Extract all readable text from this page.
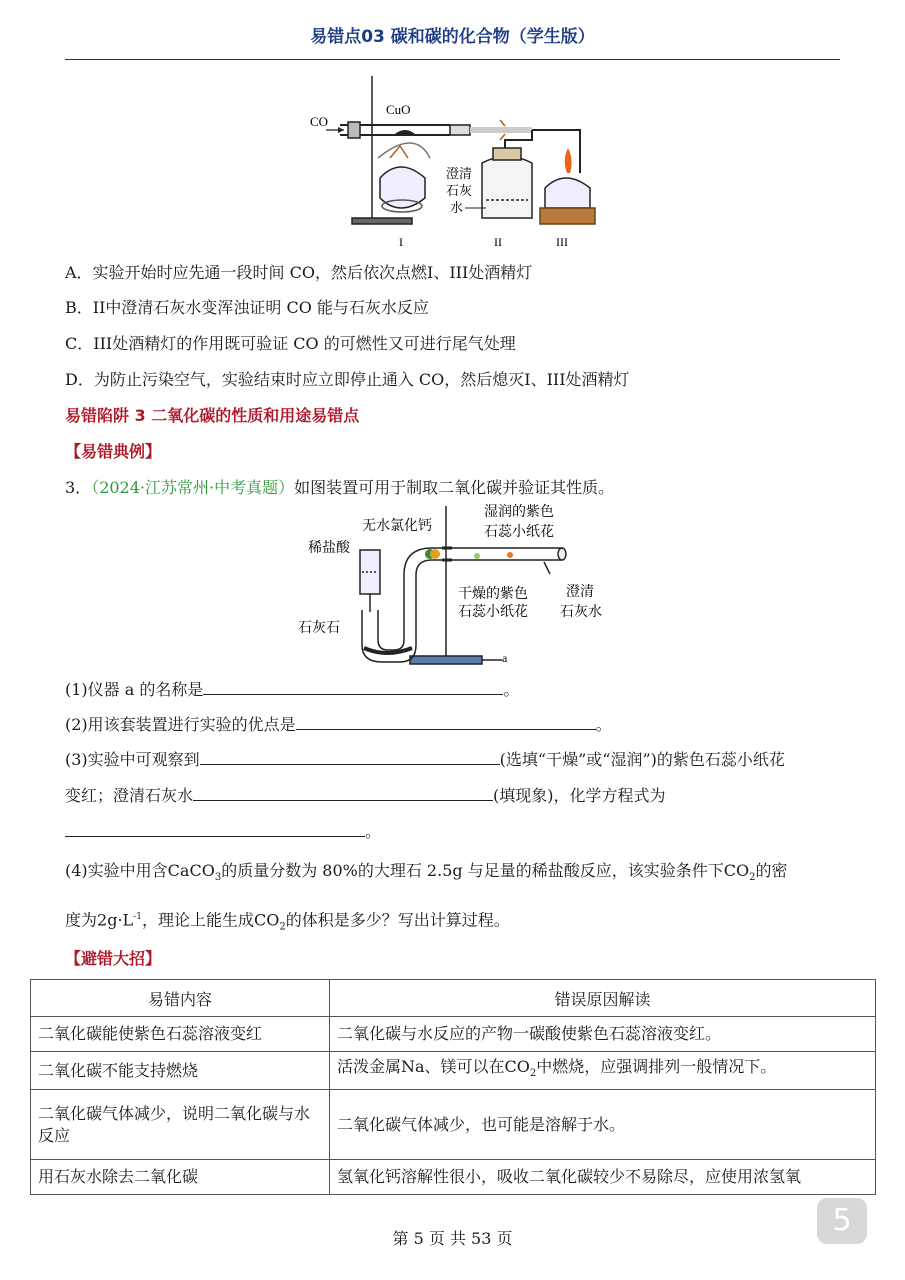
易错点03 碳和碳的化合物（学生版）
CO
CuO
澄清
石灰
水
I	II	III
A．实验开始时应先通一段时间 CO，然后依次点燃I、III处酒精灯
B．II中澄清石灰水变浑浊证明 CO 能与石灰水反应
C．III处酒精灯的作用既可验证 CO 的可燃性又可进行尾气处理
D．为防止污染空气，实验结束时应立即停止通入 CO，然后熄灭I、III处酒精灯
易错陷阱 3 二氧化碳的性质和用途易错点
【易错典例】
3．（2024·江苏常州·中考真题）如图装置可用于制取二氧化碳并验证其性质。
稀盐酸
无水氯化钙
湿润的紫色
石蕊小纸花
干燥的紫色
石蕊小纸花
澄清
石灰水
石灰石
a
(1)仪器 a 的名称是	。
(2)用该套装置进行实验的优点是	。
(3)实验中可观察到	(选填“干燥”或“湿润”)的紫色石蕊小纸花
变红；澄清石灰水	(填现象)，化学方程式为
。
(4)实验中用含CaCO$_3$的质量分数为 80%的大理石 2.5g 与足量的稀盐酸反应，该实验条件下$CO_2$的密
度为$2g\cdot L^{-1}$，理论上能生成$CO_2$的体积是多少？写出计算过程。
【避错大招】
易错内容	错误原因解读
二氧化碳能使紫色石蕊溶液变红	二氧化碳与水反应的产物一碳酸使紫色石蕊溶液变红。
二氧化碳不能支持燃烧	活泼金属Na、镁可以在$CO_2$中燃烧，应强调排列一般情况下。
二氧化碳气体减少，说明二氧化碳与水反应	二氧化碳气体减少，也可能是溶解于水。
用石灰水除去二氧化碳	氢氧化钙溶解性很小，吸收二氧化碳较少不易除尽，应使用浓氢氧
第 5 页 共 53 页
5
